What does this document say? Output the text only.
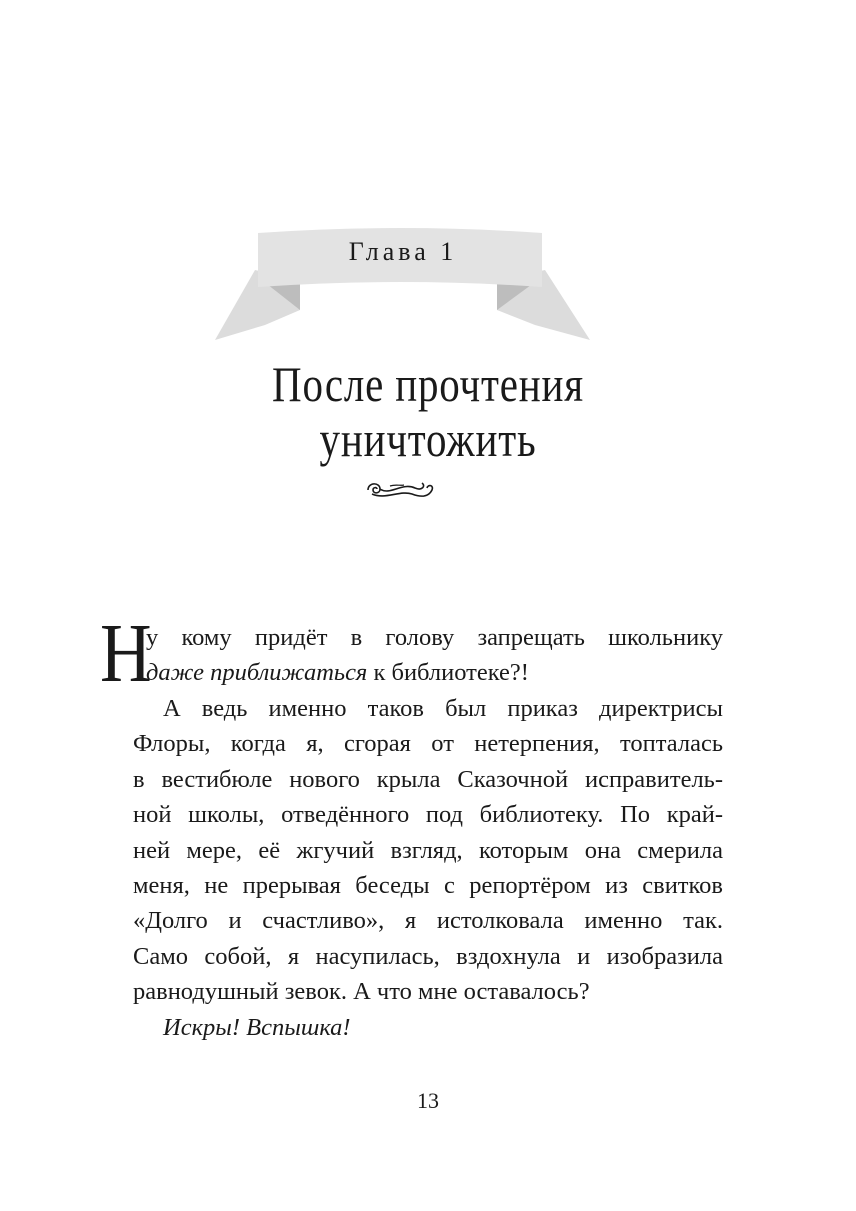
Глава 1
После прочтения
уничтожить
Н
у кому придёт в голову запрещать школьнику
даже приближаться к библиотеке?!
А ведь именно таков был приказ директрисы
Флоры, когда я, сгорая от нетерпения, топталась
в вестибюле нового крыла Сказочной исправитель-
ной школы, отведённого под библиотеку. По край-
ней мере, её жгучий взгляд, которым она смерила
меня, не прерывая беседы с репортёром из свитков
«Долго и счастливо», я истолковала именно так.
Само собой, я насупилась, вздохнула и изобразила
равнодушный зевок. А что мне оставалось?
Искры! Вспышка!
13
